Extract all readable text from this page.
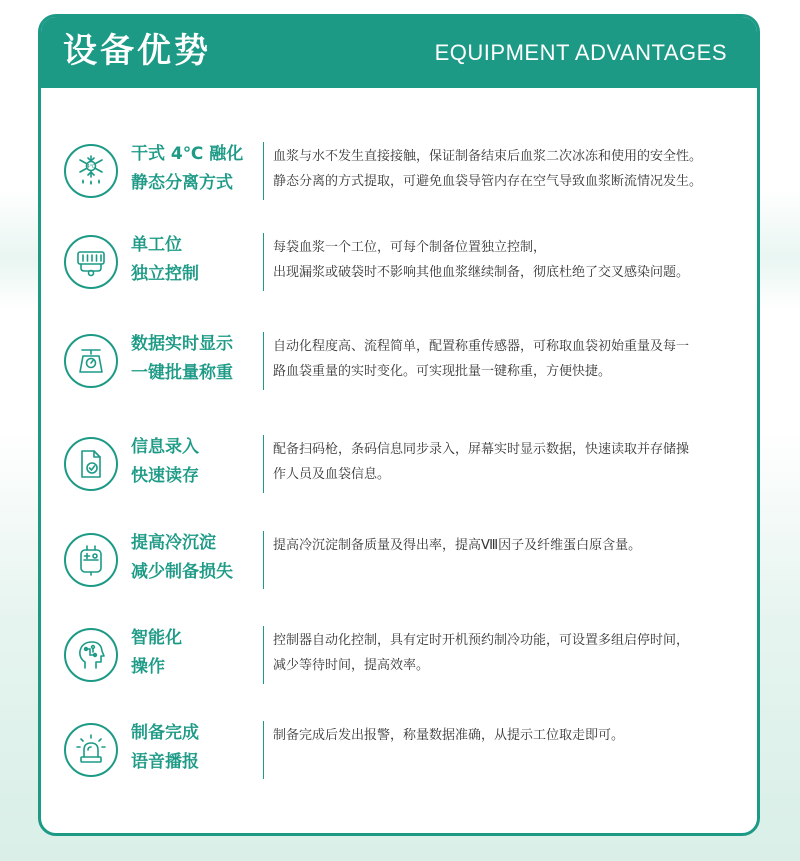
设备优势	EQUIPMENT ADVANTAGES
4℃
干式 4℃ 融化
静态分离方式
血浆与水不发生直接接触，保证制备结束后血浆二次冰冻和使用的安全性。
静态分离的方式提取，可避免血袋导管内存在空气导致血浆断流情况发生。
单工位
独立控制
每袋血浆一个工位，可每个制备位置独立控制，
出现漏浆或破袋时不影响其他血浆继续制备，彻底杜绝了交叉感染问题。
数据实时显示
一键批量称重
自动化程度高、流程简单，配置称重传感器，可称取血袋初始重量及每一
路血袋重量的实时变化。可实现批量一键称重，方便快捷。
信息录入
快速读存
配备扫码枪，条码信息同步录入，屏幕实时显示数据，快速读取并存储操
作人员及血袋信息。
提高冷沉淀
减少制备损失
提高冷沉淀制备质量及得出率，提高Ⅷ因子及纤维蛋白原含量。
智能化
操作
控制器自动化控制，具有定时开机预约制冷功能，可设置多组启停时间，
减少等待时间，提高效率。
制备完成
语音播报
制备完成后发出报警，称量数据准确，从提示工位取走即可。
